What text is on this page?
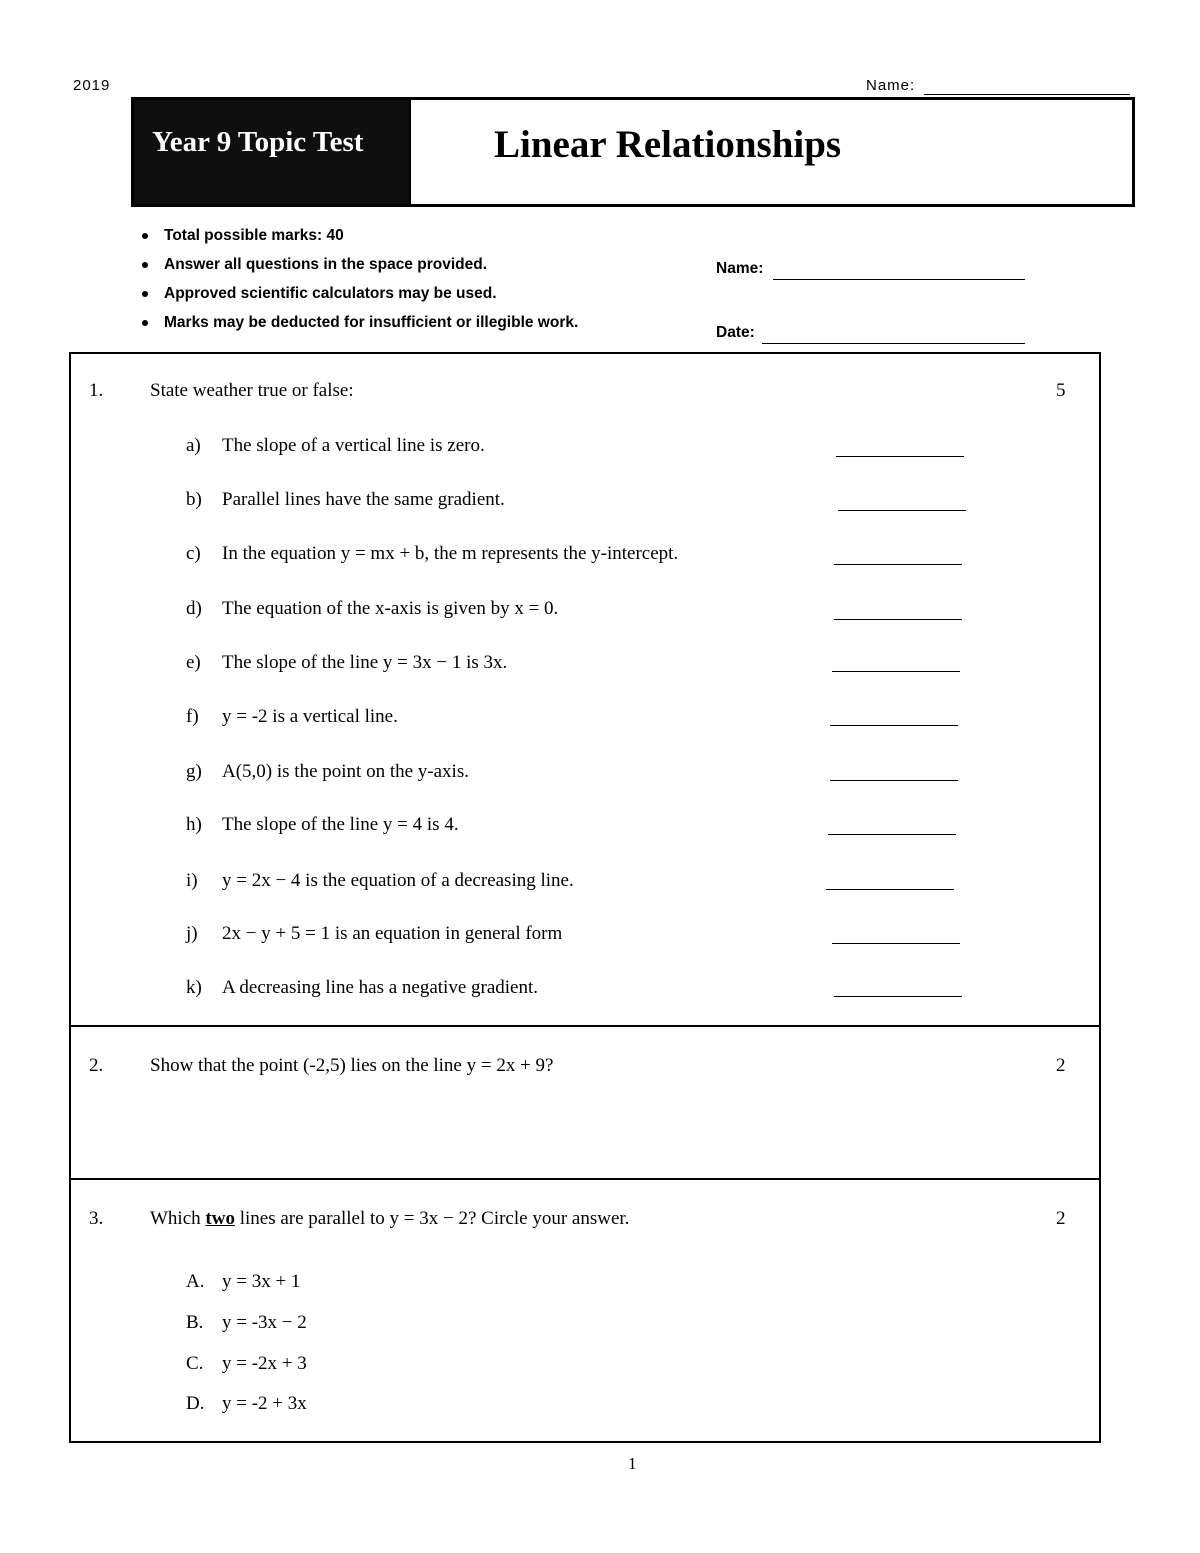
2019	Name:
Year 9 Topic Test	Linear Relationships
Total possible marks: 40
Answer all questions in the space provided.
Approved scientific calculators may be used.
Marks may be deducted for insufficient or illegible work.
Name:
Date:
1. State weather true or false:	5
a)	The slope of a vertical line is zero.
b)	Parallel lines have the same gradient.
c)	In the equation y = mx + b, the m represents the y-intercept.
d)	The equation of the x-axis is given by x = 0.
e)	The slope of the line y = 3x − 1 is 3x.
f)	y = -2 is a vertical line.
g)	A(5,0) is the point on the y-axis.
h)	The slope of the line y = 4 is 4.
i)	y = 2x − 4 is the equation of a decreasing line.
j)	2x − y + 5 = 1 is an equation in general form
k)	A decreasing line has a negative gradient.
2. Show that the point (-2,5) lies on the line y = 2x + 9?	2
3. Which two lines are parallel to y = 3x − 2? Circle your answer.	2
A. y = 3x + 1
B. y = -3x − 2
C. y = -2x + 3
D. y = -2 + 3x
1
